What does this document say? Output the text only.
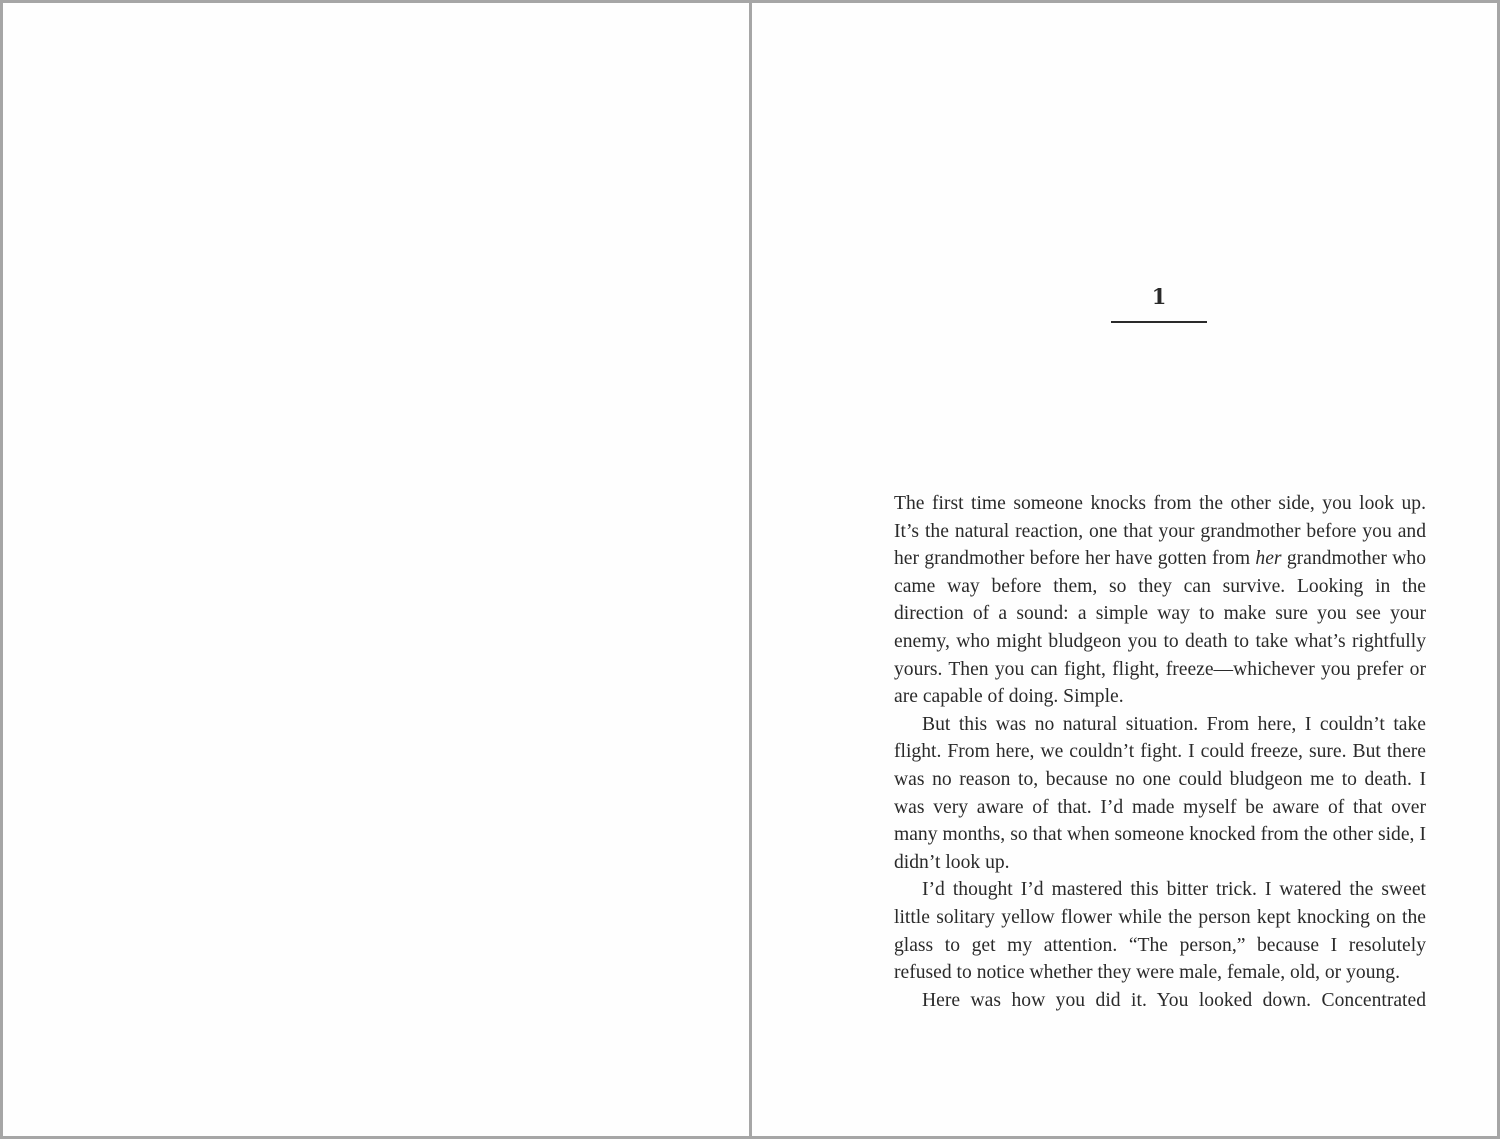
1

The first time someone knocks from the other side, you look up. It’s the natural reaction, one that your grandmother before you and her grandmother before her have gotten from her grandmother who came way before them, so they can survive. Looking in the direction of a sound: a simple way to make sure you see your enemy, who might bludgeon you to death to take what’s rightfully yours. Then you can fight, flight, freeze—whichever you prefer or are capable of doing. Simple.

But this was no natural situation. From here, I couldn’t take flight. From here, we couldn’t fight. I could freeze, sure. But there was no reason to, because no one could bludgeon me to death. I was very aware of that. I’d made myself be aware of that over many months, so that when someone knocked from the other side, I didn’t look up.

I’d thought I’d mastered this bitter trick. I watered the sweet little solitary yellow flower while the person kept knocking on the glass to get my attention. “The person,” because I resolutely refused to notice whether they were male, female, old, or young.

Here was how you did it. You looked down. Concentrated
